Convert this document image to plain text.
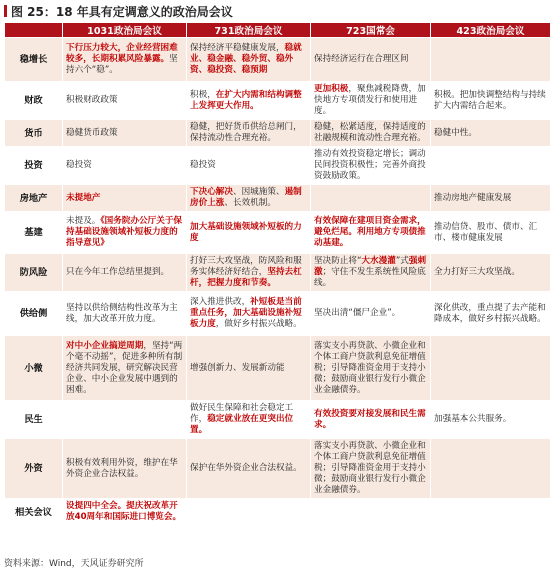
图 25：18 年具有定调意义的政治局会议
	1031政治局会议	731政治局会议	723国常会	423政治局会议
稳增长	下行压力较大，企业经营困难较多，长期积累风险暴露。坚持六个“稳”。	保持经济平稳健康发展，稳就业、稳金融、稳外贸、稳外资、稳投资、稳预期	保持经济运行在合理区间	
财政	积极财政政策	积极，在扩大内需和结构调整上发挥更大作用。	更加积极，聚焦减税降费，加快地方专项债发行和使用进度。	积极。把加快调整结构与持续扩大内需结合起来。
货币	稳健货币政策	稳健，把好货币供给总闸门，保持流动性合理充裕。	稳健，松紧适度，保持适度的社融规模和流动性合理充裕。	稳健中性。
投资	稳投资	稳投资	推动有效投资稳定增长；调动民间投资积极性；完善外商投资鼓励政策。	
房地产	未提地产	下决心解决、因城施策、遏制房价上涨、长效机制。		推动房地产健康发展
基建	未提及。《国务院办公厅关于保持基础设施领域补短板力度的指导意见》	加大基础设施领域补短板的力度	有效保障在建项目资金需求，避免烂尾。利用地方专项债推动基建。	推动信贷、股市、债市、汇市、楼市健康发展
防风险	只在今年工作总结里提到。	打好三大攻坚战，防风险和服务实体经济好结合，坚持去杠杆，把握力度和节奏。	坚决防止将“大水漫灌”式强刺激；守住不发生系统性风险底线。	全力打好三大攻坚战。
供给侧	坚持以供给侧结构性改革为主线，加大改革开放力度。	深入推进供改，补短板是当前重点任务，加大基础设施补短板力度，做好乡村振兴战略。	坚决出清“僵尸企业”。	深化供改，重点提了去产能和降成本，做好乡村振兴战略。
小微	对中小企业搞逆周期，坚持“两个毫不动摇”，促进多种所有制经济共同发展，研究解决民营企业、中小企业发展中遇到的困难。	增强创新力、发展新动能	落实支小再贷款、小微企业和个体工商户贷款利息免征增值税；引导降准资金用于支持小微；鼓励商业银行发行小微企业金融债券。	
民生		做好民生保障和社会稳定工作，稳定就业放在更突出位置。	有效投资要对接发展和民生需求。	加强基本公共服务。
外资	积极有效利用外资，维护在华外资企业合法权益。	保护在华外资企业合法权益。	落实支小再贷款、小微企业和个体工商户贷款利息免征增值税；引导降准资金用于支持小微；鼓励商业银行发行小微企业金融债券。	
相关会议	设提四中全会。提庆祝改革开放40周年和国际进口博览会。			
资料来源：Wind，天风证券研究所
